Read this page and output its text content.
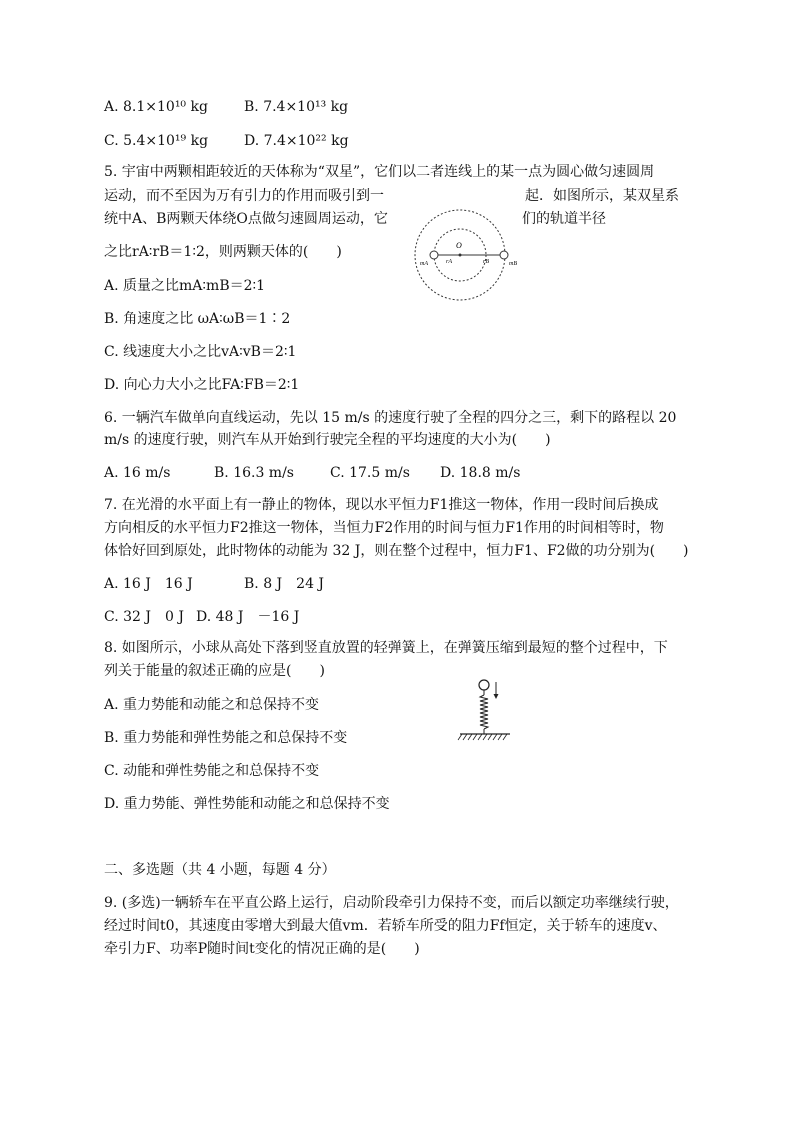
A. 8.1×10¹⁰ kg	B. 7.4×10¹³ kg
C. 5.4×10¹⁹ kg	D. 7.4×10²² kg
5. 宇宙中两颗相距较近的天体称为“双星”，它们以二者连线上的某一点为圆心做匀速圆周
运动，而不至因为万有引力的作用而吸引到一	起．如图所示，某双星系
统中A、B两颗天体绕O点做匀速圆周运动，它	们的轨道半径
之比rA∶rB＝1∶2，则两颗天体的(　　)
A. 质量之比mA∶mB＝2∶1
B. 角速度之比 ωA∶ωB＝1∶2
C. 线速度大小之比vA∶vB＝2∶1
D. 向心力大小之比FA∶FB＝2∶1
O
mA	mB
rA	rB
6. 一辆汽车做单向直线运动，先以 15 m/s 的速度行驶了全程的四分之三，剩下的路程以 20
m/s 的速度行驶，则汽车从开始到行驶完全程的平均速度的大小为(　　)
A. 16 m/s	B. 16.3 m/s	C. 17.5 m/s D. 18.8 m/s
7. 在光滑的水平面上有一静止的物体，现以水平恒力F1推这一物体，作用一段时间后换成
方向相反的水平恒力F2推这一物体，当恒力F2作用的时间与恒力F1作用的时间相等时，物
体恰好回到原处，此时物体的动能为 32 J，则在整个过程中，恒力F1、F2做的功分别为(　　)
A. 16 J　16 J	B. 8 J　24 J
C. 32 J　0 J D. 48 J　－16 J
8. 如图所示，小球从高处下落到竖直放置的轻弹簧上，在弹簧压缩到最短的整个过程中，下
列关于能量的叙述正确的应是(　　)
A. 重力势能和动能之和总保持不变
B. 重力势能和弹性势能之和总保持不变
C. 动能和弹性势能之和总保持不变
D. 重力势能、弹性势能和动能之和总保持不变
二、多选题（共 4 小题，每题 4 分）
9. (多选)一辆轿车在平直公路上运行，启动阶段牵引力保持不变，而后以额定功率继续行驶，
经过时间t0，其速度由零增大到最大值vm．若轿车所受的阻力Ff恒定，关于轿车的速度v、
牵引力F、功率P随时间t变化的情况正确的是(　　)
